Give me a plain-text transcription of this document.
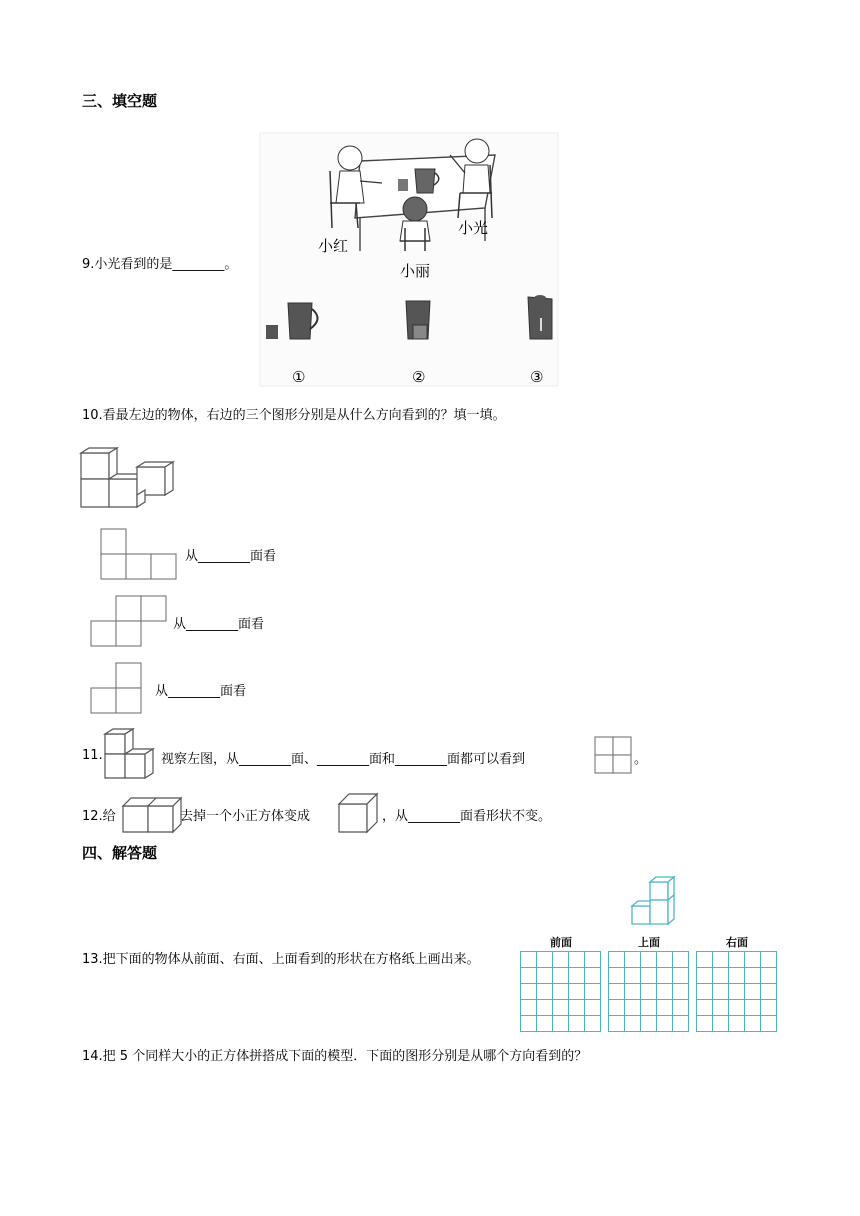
三、填空题
小红
小光
小丽
①	②	③
9.小光看到的是________。
10.看最左边的物体，右边的三个图形分别是从什么方向看到的？填一填。
从________面看
从________面看
从________面看
11.	视察左图，从________面、________面和________面都可以看到	。
12.给	去掉一个小正方体变成	，从________面看形状不变。
四、解答题
13.把下面的物体从前面、右面、上面看到的形状在方格纸上画出来。
前面	上面	右面
14.把 5 个同样大小的正方体拼搭成下面的模型．下面的图形分别是从哪个方向看到的？
